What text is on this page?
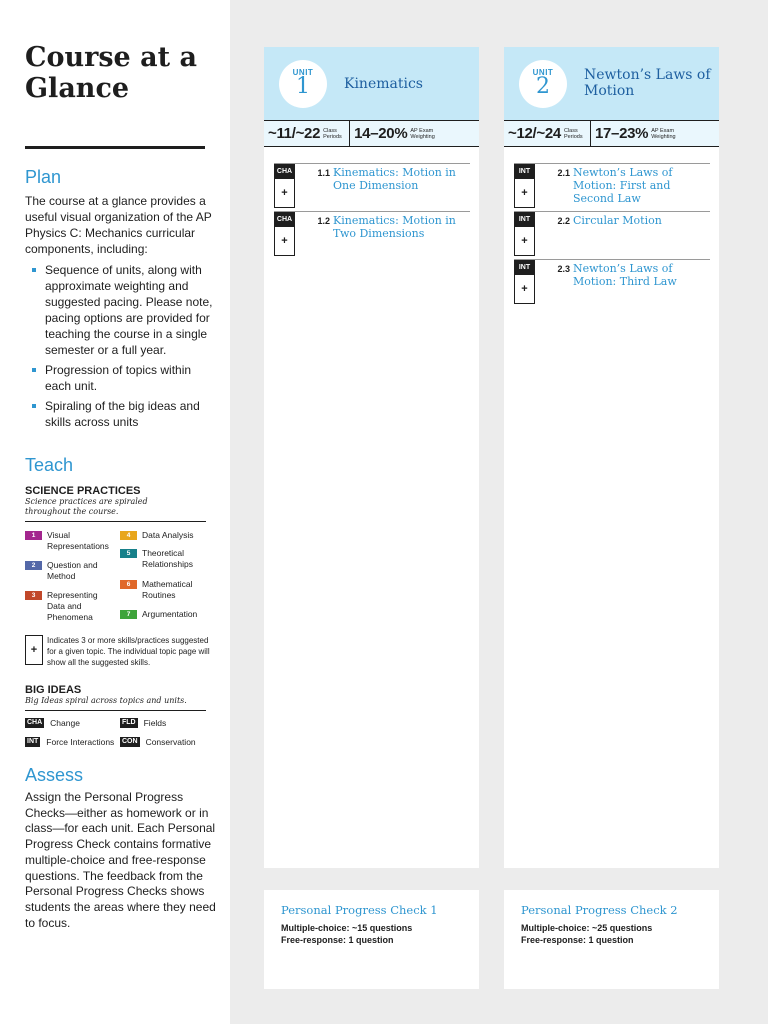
Course at a Glance
Plan

The course at a glance provides a useful visual organization of the AP Physics C: Mechanics curricular components, including:

Sequence of units, along with approximate weighting and suggested pacing. Please note, pacing options are provided for teaching the course in a single semester or a full year.
Progression of topics within each unit.
Spiraling of the big ideas and skills across units
Teach
SCIENCE PRACTICES
Science practices are spiraled throughout the course.
1	Visual Representations
2	Question and Method
3	Representing Data and Phenomena
4	Data Analysis
5	Theoretical Relationships
6	Mathematical Routines
7	Argumentation
+
Indicates 3 or more skills/practices suggested for a given topic. The individual topic page will show all the suggested skills.
BIG IDEAS
Big Ideas spiral across topics and units.
CHA Change
INT Force Interactions
FLD Fields
CON Conservation
Assess

Assign the Personal Progress Checks—either as homework or in class—for each unit. Each Personal Progress Check contains formative multiple-choice and free-response questions. The feedback from the Personal Progress Checks shows students the areas where they need to focus.

UNIT
1	Kinematics
~11/~22 Class Periods 14–20% AP Exam Weighting
CHA
+
1.1 Kinematics: Motion in One Dimension
CHA
+
1.2 Kinematics: Motion in Two Dimensions
UNIT
2	Newton’s Laws of Motion
~12/~24 Class Periods 17–23% AP Exam Weighting
INT
+
2.1 Newton’s Laws of Motion: First and Second Law
INT
+
2.2 Circular Motion
INT
+
2.3 Newton’s Laws of Motion: Third Law
Personal Progress Check 1
Multiple-choice: ~15 questions
Free-response: 1 question
Personal Progress Check 2
Multiple-choice: ~25 questions
Free-response: 1 question
